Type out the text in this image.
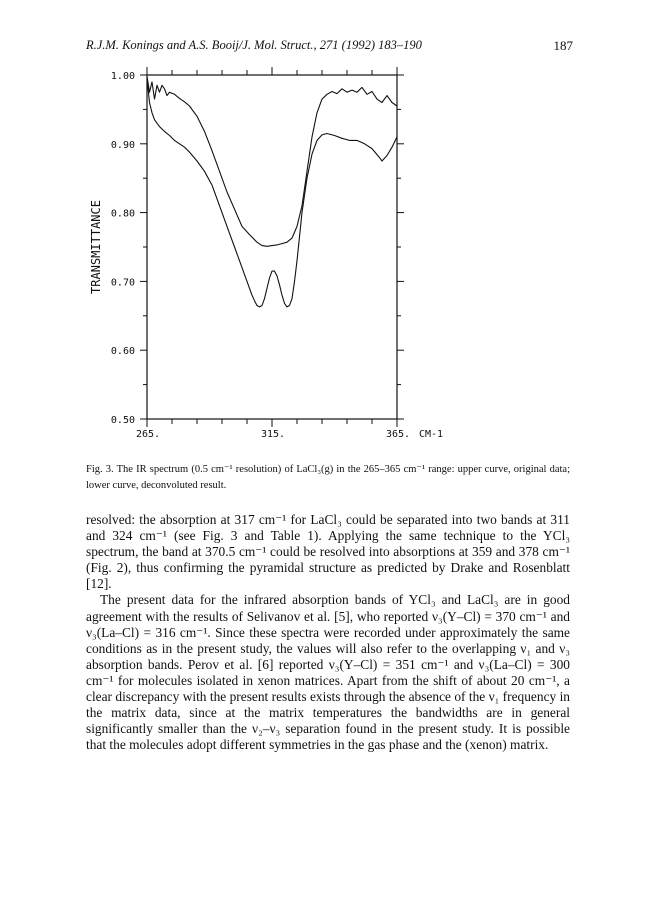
R.J.M. Konings and A.S. Booij/J. Mol. Struct., 271 (1992) 183–190	187
1.00
0.90
0.80
0.70
0.60
0.50
265.	315.	365. CM-1
TRANSMITTANCE
Fig. 3. The IR spectrum (0.5 cm⁻¹ resolution) of LaCl₃(g) in the 265–365 cm⁻¹ range: upper curve, original data; lower curve, deconvoluted result.

resolved: the absorption at 317 cm⁻¹ for LaCl₃ could be separated into two bands at 311 and 324 cm⁻¹ (see Fig. 3 and Table 1). Applying the same technique to the YCl₃ spectrum, the band at 370.5 cm⁻¹ could be resolved into absorptions at 359 and 378 cm⁻¹ (Fig. 2), thus confirming the pyramidal structure as predicted by Drake and Rosenblatt [12].

The present data for the infrared absorption bands of YCl₃ and LaCl₃ are in good agreement with the results of Selivanov et al. [5], who reported ν₃(Y–Cl) = 370 cm⁻¹ and ν₃(La–Cl) = 316 cm⁻¹. Since these spectra were recorded under approximately the same conditions as in the present study, the values will also refer to the overlapping ν₁ and ν₃ absorption bands. Perov et al. [6] reported ν₃(Y–Cl) = 351 cm⁻¹ and ν₃(La–Cl) = 300 cm⁻¹ for molecules isolated in xenon matrices. Apart from the shift of about 20 cm⁻¹, a clear discrepancy with the present results exists through the absence of the ν₁ frequency in the matrix data, since at the matrix temperatures the bandwidths are in general significantly smaller than the ν₂–ν₃ separation found in the present study. It is possible that the molecules adopt different symmetries in the gas phase and the (xenon) matrix.
